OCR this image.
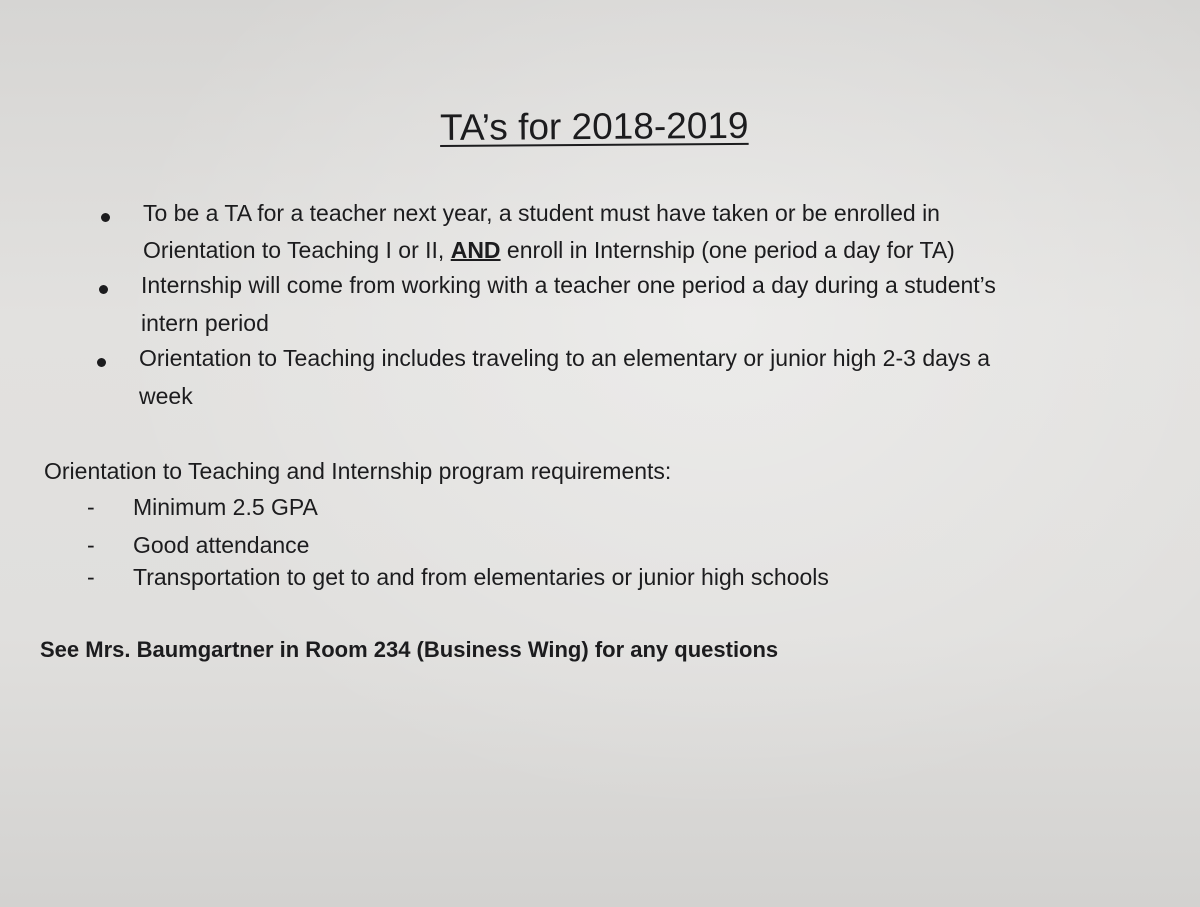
TA’s for 2018-2019
To be a TA for a teacher next year, a student must have taken or be enrolled in
Orientation to Teaching I or II, AND enroll in Internship (one period a day for TA)
Internship will come from working with a teacher one period a day during a student’s
intern period
Orientation to Teaching includes traveling to an elementary or junior high 2-3 days a
week
Orientation to Teaching and Internship program requirements:
- Minimum 2.5 GPA
- Good attendance
- Transportation to get to and from elementaries or junior high schools
See Mrs. Baumgartner in Room 234 (Business Wing) for any questions
